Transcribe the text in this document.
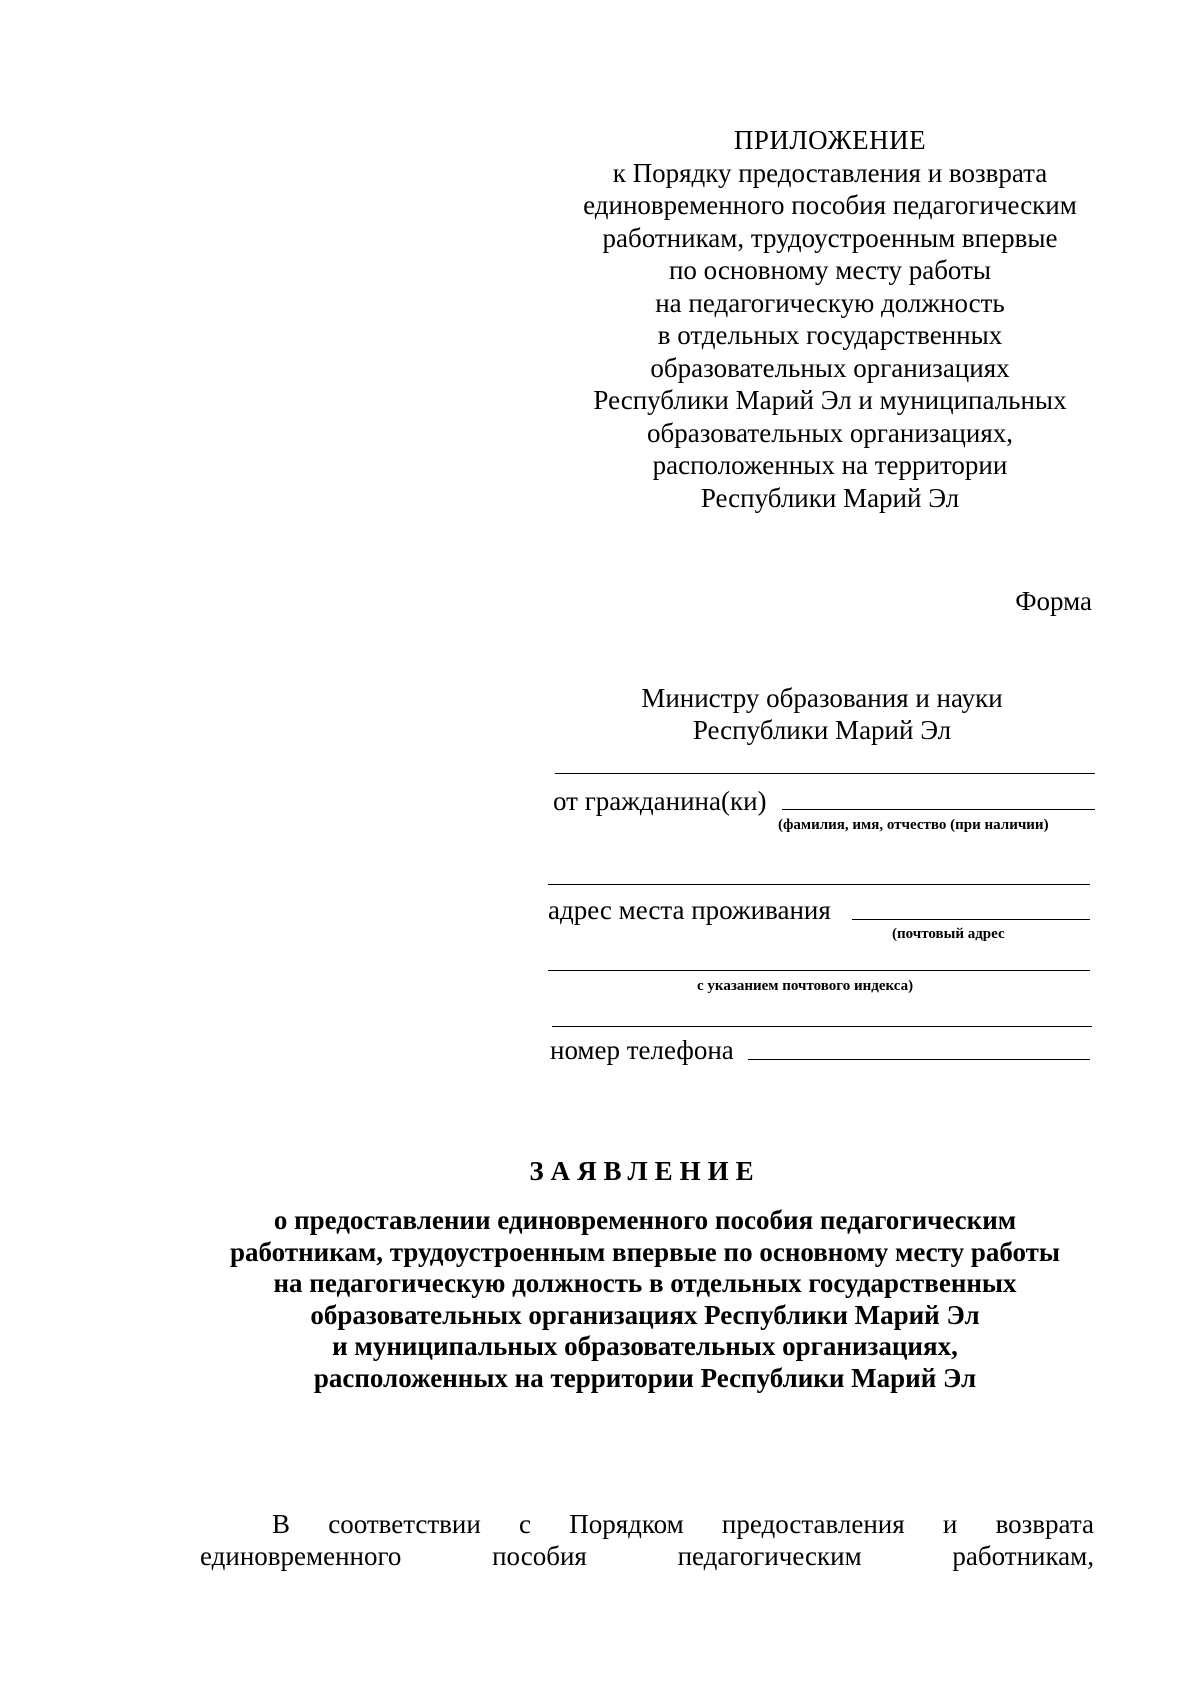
ПРИЛОЖЕНИЕ
к Порядку предоставления и возврата
единовременного пособия педагогическим
работникам, трудоустроенным впервые
по основному месту работы
на педагогическую должность
в отдельных государственных
образовательных организациях
Республики Марий Эл и муниципальных
образовательных организациях,
расположенных на территории
Республики Марий Эл
Форма
Министру образования и науки
Республики Марий Эл
от гражданина(ки)
(фамилия, имя, отчество (при наличии)
адрес места проживания
(почтовый адрес
с указанием почтового индекса)
номер телефона
ЗАЯВЛЕНИЕ
о предоставлении единовременного пособия педагогическим
работникам, трудоустроенным впервые по основному месту работы
на педагогическую должность в отдельных государственных
образовательных организациях Республики Марий Эл
и муниципальных образовательных организациях,
расположенных на территории Республики Марий Эл
В соответствии с Порядком предоставления и возврата
единовременного	пособия	педагогическим	работникам,
